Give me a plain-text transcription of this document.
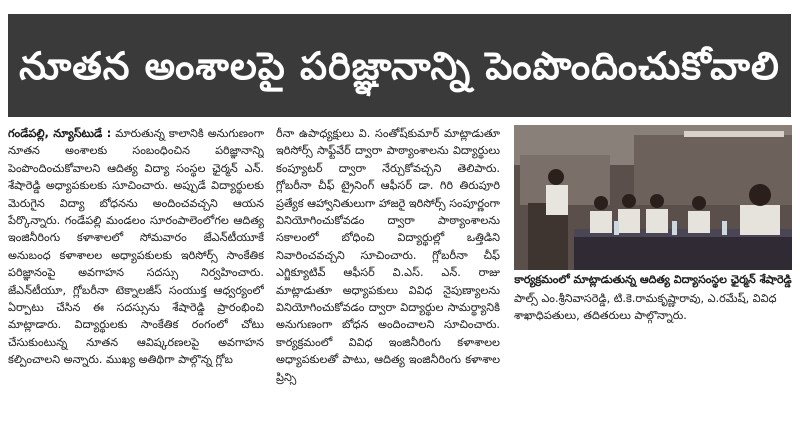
నూతన అంశాలపై పరిజ్ఞానాన్ని పెంపొందించుకోవాలి

గండేపల్లి, న్యూస్‌టుడే : మారుతున్న కాలానికి అనుగుణంగా నూతన అంశాలకు సంబంధించిన పరిజ్ఞానాన్ని పెంపొందించుకోవాలని ఆదిత్య విద్యా సంస్థల ఛైర్మన్ ఎన్. శేషారెడ్డి అధ్యాపకులకు సూచించారు. అప్పుడే విద్యార్థులకు మెరుగైన విద్యా బోధనను అందించవచ్చని ఆయన పేర్కొన్నారు. గండేపల్లి మండలం సూరంపాలెంలోగల ఆదిత్య ఇంజినీరింగు కళాశాలలో సోమవారం జేఎన్‌టీయూకే అనుబంధ కళాశాలల అధ్యాపకులకు ఇరిసోర్స్ సాంకేతిక పరిజ్ఞానంపై అవగాహన సదస్సు నిర్వహించారు. జేఎన్‌టీయూ, గ్లోబరీనా టెక్నాలజీస్ సంయుక్త ఆధ్వర్యంలో ఏర్పాటు చేసిన ఈ సదస్సును శేషారెడ్డి ప్రారంభించి మాట్లాడారు. విద్యార్థులకు సాంకేతిక రంగంలో చోటు చేసుకుంటున్న నూతన ఆవిష్కరణలపై అవగాహన కల్పించాలని అన్నారు. ముఖ్య అతిథిగా పాల్గొన్న గ్లోబ

రీనా ఉపాధ్యక్షులు వి. సంతోష్‌కుమార్ మాట్లాడుతూ ఇరిసోర్స్ సాఫ్ట్‌వేర్ ద్వారా పాఠ్యాంశాలను విద్యార్థులు కంప్యూటర్ ద్వారా నేర్చుకోవచ్చని తెలిపారు. గ్లోబరీనా చీఫ్ ట్రైనింగ్ ఆఫీసర్ డా. గిరి తిరుపూరి ప్రత్యేక ఆహ్వానితులుగా హాజరై ఇరిసోర్స్ సంపూర్ణంగా వినియోగించుకోవడం ద్వారా పాఠ్యాంశాలను సకాలంలో బోధించి విద్యార్థుల్లో ఒత్తిడిని నివారించవచ్చని సూచించారు. గ్లోబరీనా చీఫ్ ఎగ్జిక్యూటివ్ ఆఫీసర్ వి.ఎస్. ఎన్. రాజు మాట్లాడుతూ అధ్యాపకులు వివిధ నైపుణ్యాలను వినియోగించుకోవడం ద్వారా విద్యార్థుల సామర్థ్యానికి అనుగుణంగా బోధన అందించాలని సూచించారు. కార్యక్రమంలో వివిధ ఇంజినీరింగు కళాశాలల అధ్యాపకులతో పాటు, ఆదిత్య ఇంజినీరింగు కళాశాల ప్రిన్సి

కార్యక్రమంలో మాట్లాడుతున్న ఆదిత్య విద్యాసంస్థల ఛైర్మన్ శేషారెడ్డి

పాల్స్ ఎం.శ్రీనివాసరెడ్డి, టి.కె.రామకృష్ణారావు, ఎ.రమేష్, వివిధ శాఖాధిపతులు, తదితరులు పాల్గొన్నారు.
